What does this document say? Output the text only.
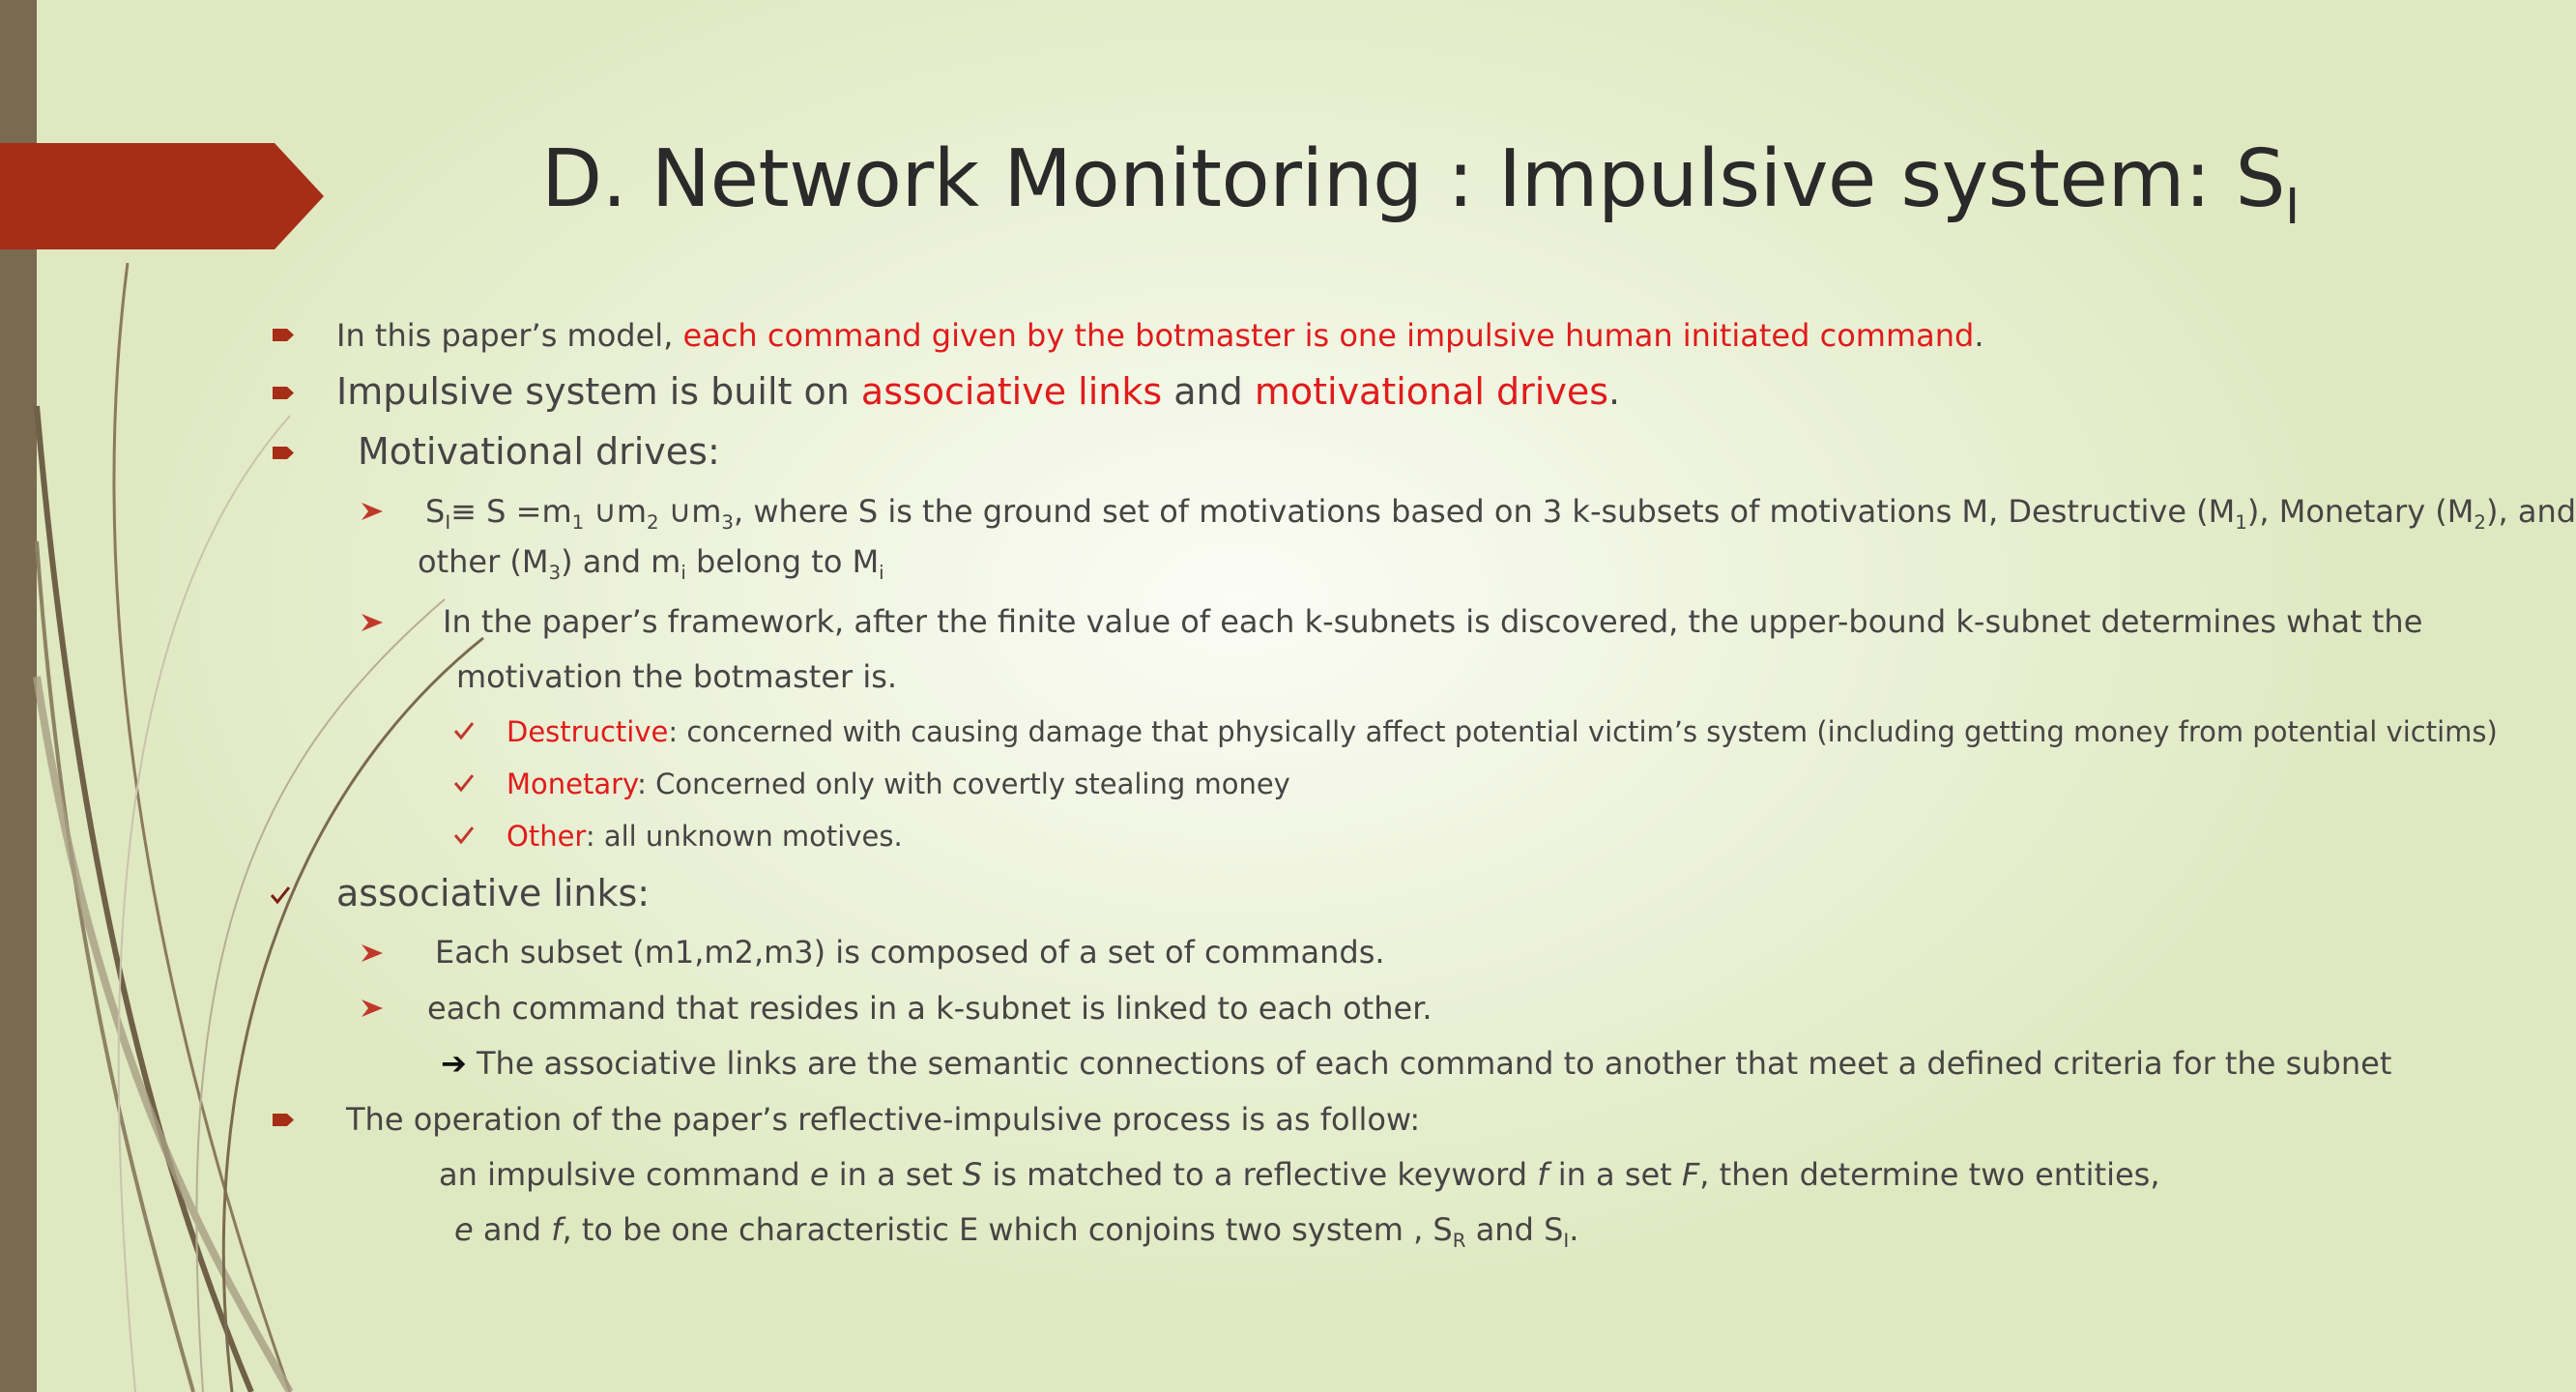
D. Network Monitoring : Impulsive system: $S_I$
In this paper’s model, each command given by the botmaster is one impulsive human initiated command.
Impulsive system is built on associative links and motivational drives.
Motivational drives:
$S_I\equiv S =m_1$ $\cup m_2$ $\cup m_3$, where S is the ground set of motivations based on 3 k-subsets of motivations M, Destructive $(M_1)$, Monetary $(M_2)$, and
other $(M_3)$ and $m_i$ belong to $M_i$
In the paper’s framework, after the finite value of each k-subnets is discovered, the upper-bound k-subnet determines what the
motivation the botmaster is.
Destructive: concerned with causing damage that physically affect potential victim’s system (including getting money from potential victims)
Monetary: Concerned only with covertly stealing money
Other: all unknown motives.
associative links:
Each subset (m1,m2,m3) is composed of a set of commands.
each command that resides in a k-subnet is linked to each other.
➔ The associative links are the semantic connections of each command to another that meet a defined criteria for the subnet
The operation of the paper’s reflective-impulsive process is as follow:
an impulsive command e in a set S is matched to a reflective keyword f in a set F, then determine two entities,
e and f, to be one characteristic E which conjoins two system , $S_R$ and $S_I$.
